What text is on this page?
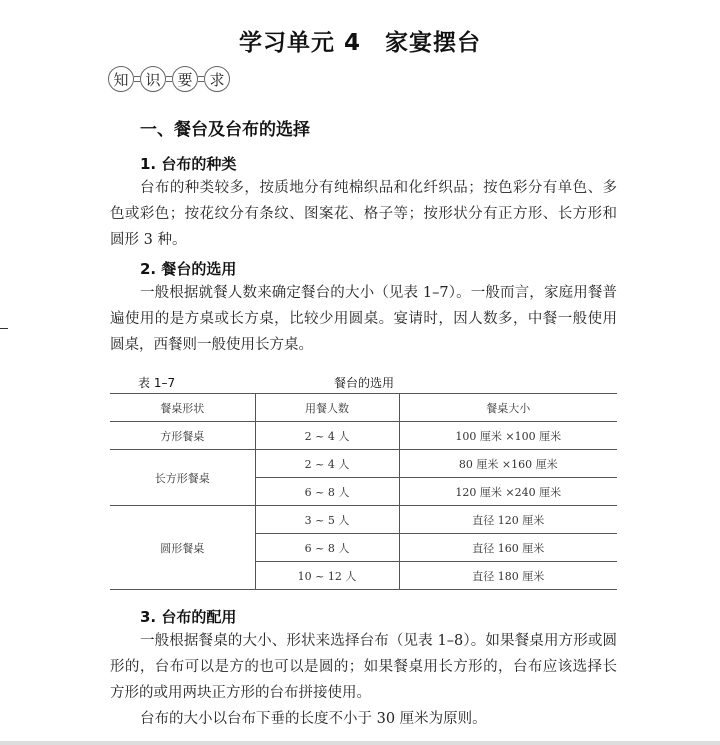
学习单元 4　家宴摆台
知	识	要	求
一、餐台及台布的选择
1. 台布的种类
台布的种类较多，按质地分有纯棉织品和化纤织品；按色彩分有单色、多色或彩色；按花纹分有条纹、图案花、格子等；按形状分有正方形、长方形和圆形 3 种。
2. 餐台的选用
一般根据就餐人数来确定餐台的大小（见表 1–7）。一般而言，家庭用餐普遍使用的是方桌或长方桌，比较少用圆桌。宴请时，因人数多，中餐一般使用圆桌，西餐则一般使用长方桌。
表 1–7	餐台的选用
餐桌形状	用餐人数	餐桌大小
方形餐桌	2 ~ 4 人	100 厘米 ×100 厘米
长方形餐桌	2 ~ 4 人	80 厘米 ×160 厘米
	6 ~ 8 人	120 厘米 ×240 厘米
圆形餐桌	3 ~ 5 人	直径 120 厘米
	6 ~ 8 人	直径 160 厘米
	10 ~ 12 人	直径 180 厘米
3. 台布的配用
一般根据餐桌的大小、形状来选择台布（见表 1–8）。如果餐桌用方形或圆形的，台布可以是方的也可以是圆的；如果餐桌用长方形的，台布应该选择长方形的或用两块正方形的台布拼接使用。
台布的大小以台布下垂的长度不小于 30 厘米为原则。
